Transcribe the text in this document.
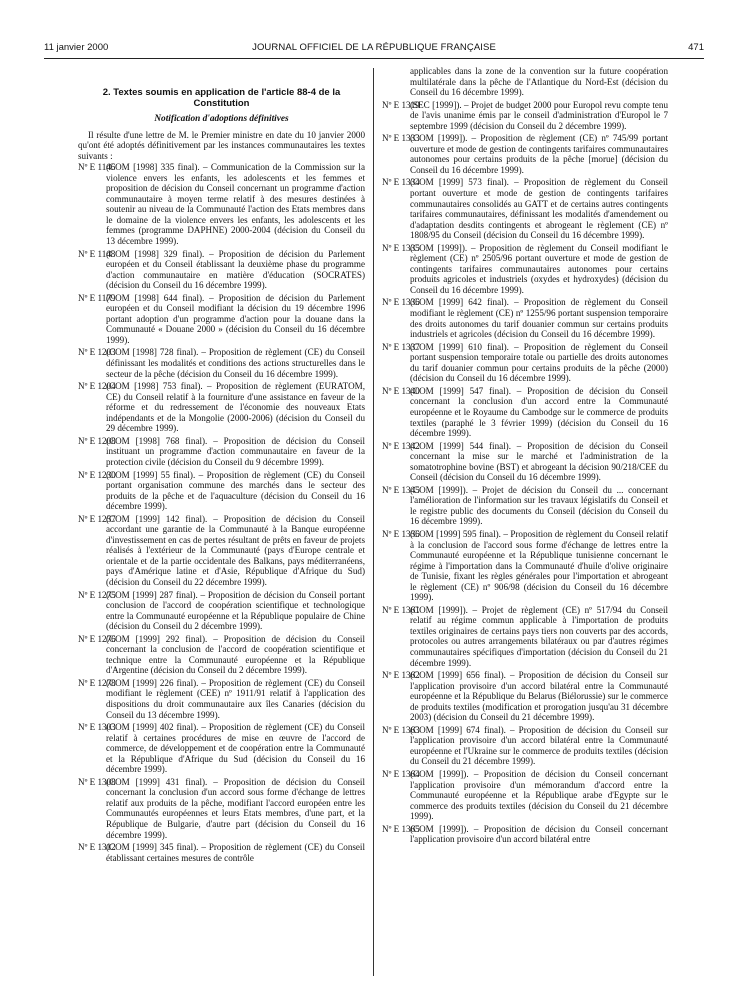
11 janvier 2000	JOURNAL OFFICIEL DE LA RÉPUBLIQUE FRANÇAISE	471
2. Textes soumis en application de l'article 88-4 de la Constitution
Notification d'adoptions définitives

Il résulte d'une lettre de M. le Premier ministre en date du 10 janvier 2000 qu'ont été adoptés définitivement par les instances communautaires les textes suivants :

Nº E 1146
(COM [1998] 335 final). – Communication de la Commission sur la violence envers les enfants, les adolescents et les femmes et proposition de décision du Conseil concernant un programme d'action communautaire à moyen terme relatif à des mesures destinées à soutenir au niveau de la Communauté l'action des Etats membres dans le domaine de la violence envers les enfants, les adolescents et les femmes (programme DAPHNE) 2000-2004 (décision du Conseil du 13 décembre 1999).

Nº E 1148
(COM [1998] 329 final). – Proposition de décision du Parlement européen et du Conseil établissant la deuxième phase du programme d'action communautaire en matière d'éducation (SOCRATES) (décision du Conseil du 16 décembre 1999).

Nº E 1179
(COM [1998] 644 final). – Proposition de décision du Parlement européen et du Conseil modifiant la décision du 19 décembre 1996 portant adoption d'un programme d'action pour la douane dans la Communauté « Douane 2000 » (décision du Conseil du 16 décembre 1999).

Nº E 1203
(COM [1998] 728 final). – Proposition de règlement (CE) du Conseil définissant les modalités et conditions des actions structurelles dans le secteur de la pêche (décision du Conseil du 16 décembre 1999).

Nº E 1204
(COM [1998] 753 final). – Proposition de règlement (EURATOM, CE) du Conseil relatif à la fourniture d'une assistance en faveur de la réforme et du redressement de l'économie des nouveaux Etats indépendants et de la Mongolie (2000-2006) (décision du Conseil du 29 décembre 1999).

Nº E 1208
(COM [1998] 768 final). – Proposition de décision du Conseil instituant un programme d'action communautaire en faveur de la protection civile (décision du Conseil du 9 décembre 1999).

Nº E 1230
(COM [1999] 55 final). – Proposition de règlement (CE) du Conseil portant organisation commune des marchés dans le secteur des produits de la pêche et de l'aquaculture (décision du Conseil du 16 décembre 1999).

Nº E 1257
(COM [1999] 142 final). – Proposition de décision du Conseil accordant une garantie de la Communauté à la Banque européenne d'investissement en cas de pertes résultant de prêts en faveur de projets réalisés à l'extérieur de la Communauté (pays d'Europe centrale et orientale et de la partie occidentale des Balkans, pays méditerranéens, pays d'Amérique latine et d'Asie, République d'Afrique du Sud) (décision du Conseil du 22 décembre 1999).

Nº E 1275
(COM [1999] 287 final). – Proposition de décision du Conseil portant conclusion de l'accord de coopération scientifique et technologique entre la Communauté européenne et la République populaire de Chine (décision du Conseil du 2 décembre 1999).

Nº E 1276
(COM [1999] 292 final). – Proposition de décision du Conseil concernant la conclusion de l'accord de coopération scientifique et technique entre la Communauté européenne et la République d'Argentine (décision du Conseil du 2 décembre 1999).

Nº E 1278
(COM [1999] 226 final). – Proposition de règlement (CE) du Conseil modifiant le règlement (CEE) nº 1911/91 relatif à l'application des dispositions du droit communautaire aux îles Canaries (décision du Conseil du 13 décembre 1999).

Nº E 1303
(COM [1999] 402 final). – Proposition de règlement (CE) du Conseil relatif à certaines procédures de mise en œuvre de l'accord de commerce, de développement et de coopération entre la Communauté et la République d'Afrique du Sud (décision du Conseil du 16 décembre 1999).

Nº E 1308
(COM [1999] 431 final). – Proposition de décision du Conseil concernant la conclusion d'un accord sous forme d'échange de lettres relatif aux produits de la pêche, modifiant l'accord européen entre les Communautés européennes et leurs Etats membres, d'une part, et la République de Bulgarie, d'autre part (décision du Conseil du 16 décembre 1999).

Nº E 1312
(COM [1999] 345 final). – Proposition de règlement (CE) du Conseil établissant certaines mesures de contrôle

applicables dans la zone de la convention sur la future coopération multilatérale dans la pêche de l'Atlantique du Nord-Est (décision du Conseil du 16 décembre 1999).

Nº E 1319
(SEC [1999]). – Projet de budget 2000 pour Europol revu compte tenu de l'avis unanime émis par le conseil d'administration d'Europol le 7 septembre 1999 (décision du Conseil du 2 décembre 1999).

Nº E 1333
(COM [1999]). – Proposition de règlement (CE) nº 745/99 portant ouverture et mode de gestion de contingents tarifaires communautaires autonomes pour certains produits de la pêche [morue] (décision du Conseil du 16 décembre 1999).

Nº E 1334
(COM [1999] 573 final). – Proposition de règlement du Conseil portant ouverture et mode de gestion de contingents tarifaires communautaires consolidés au GATT et de certains autres contingents tarifaires communautaires, définissant les modalités d'amendement ou d'adaptation desdits contingents et abrogeant le règlement (CE) nº 1808/95 du Conseil (décision du Conseil du 16 décembre 1999).

Nº E 1335
(COM [1999]). – Proposition de règlement du Conseil modifiant le règlement (CE) nº 2505/96 portant ouverture et mode de gestion de contingents tarifaires communautaires autonomes pour certains produits agricoles et industriels (oxydes et hydroxydes) (décision du Conseil du 16 décembre 1999).

Nº E 1336
(COM [1999] 642 final). – Proposition de règlement du Conseil modifiant le règlement (CE) nº 1255/96 portant suspension temporaire des droits autonomes du tarif douanier commun sur certains produits industriels et agricoles (décision du Conseil du 16 décembre 1999).

Nº E 1337
(COM [1999] 610 final). – Proposition de règlement du Conseil portant suspension temporaire totale ou partielle des droits autonomes du tarif douanier commun pour certains produits de la pêche (2000) (décision du Conseil du 16 décembre 1999).

Nº E 1340
(COM [1999] 547 final). – Proposition de décision du Conseil concernant la conclusion d'un accord entre la Communauté européenne et le Royaume du Cambodge sur le commerce de produits textiles (paraphé le 3 février 1999) (décision du Conseil du 16 décembre 1999).

Nº E 1342
(COM [1999] 544 final). – Proposition de décision du Conseil concernant la mise sur le marché et l'administration de la somatotrophine bovine (BST) et abrogeant la décision 90/218/CEE du Conseil (décision du Conseil du 16 décembre 1999).

Nº E 1345
(COM [1999]). – Projet de décision du Conseil du ... concernant l'amélioration de l'information sur les travaux législatifs du Conseil et le registre public des documents du Conseil (décision du Conseil du 16 décembre 1999).

Nº E 1356
(COM [1999] 595 final). – Proposition de règlement du Conseil relatif à la conclusion de l'accord sous forme d'échange de lettres entre la Communauté européenne et la République tunisienne concernant le régime à l'importation dans la Communauté d'huile d'olive originaire de Tunisie, fixant les règles générales pour l'importation et abrogeant le règlement (CE) nº 906/98 (décision du Conseil du 16 décembre 1999).

Nº E 1361
(COM [1999]). – Projet de règlement (CE) nº 517/94 du Conseil relatif au régime commun applicable à l'importation de produits textiles originaires de certains pays tiers non couverts par des accords, protocoles ou autres arrangements bilatéraux ou par d'autres régimes communautaires spécifiques d'importation (décision du Conseil du 21 décembre 1999).

Nº E 1362
(COM [1999] 656 final). – Proposition de décision du Conseil sur l'application provisoire d'un accord bilatéral entre la Communauté européenne et la République du Belarus (Biélorussie) sur le commerce de produits textiles (modification et prorogation jusqu'au 31 décembre 2003) (décision du Conseil du 21 décembre 1999).

Nº E 1363
(COM [1999] 674 final). – Proposition de décision du Conseil sur l'application provisoire d'un accord bilatéral entre la Communauté européenne et l'Ukraine sur le commerce de produits textiles (décision du Conseil du 21 décembre 1999).

Nº E 1364
(COM [1999]). – Proposition de décision du Conseil concernant l'application provisoire d'un mémorandum d'accord entre la Communauté européenne et la République arabe d'Egypte sur le commerce des produits textiles (décision du Conseil du 21 décembre 1999).

Nº E 1365
(COM [1999]). – Proposition de décision du Conseil concernant l'application provisoire d'un accord bilatéral entre
